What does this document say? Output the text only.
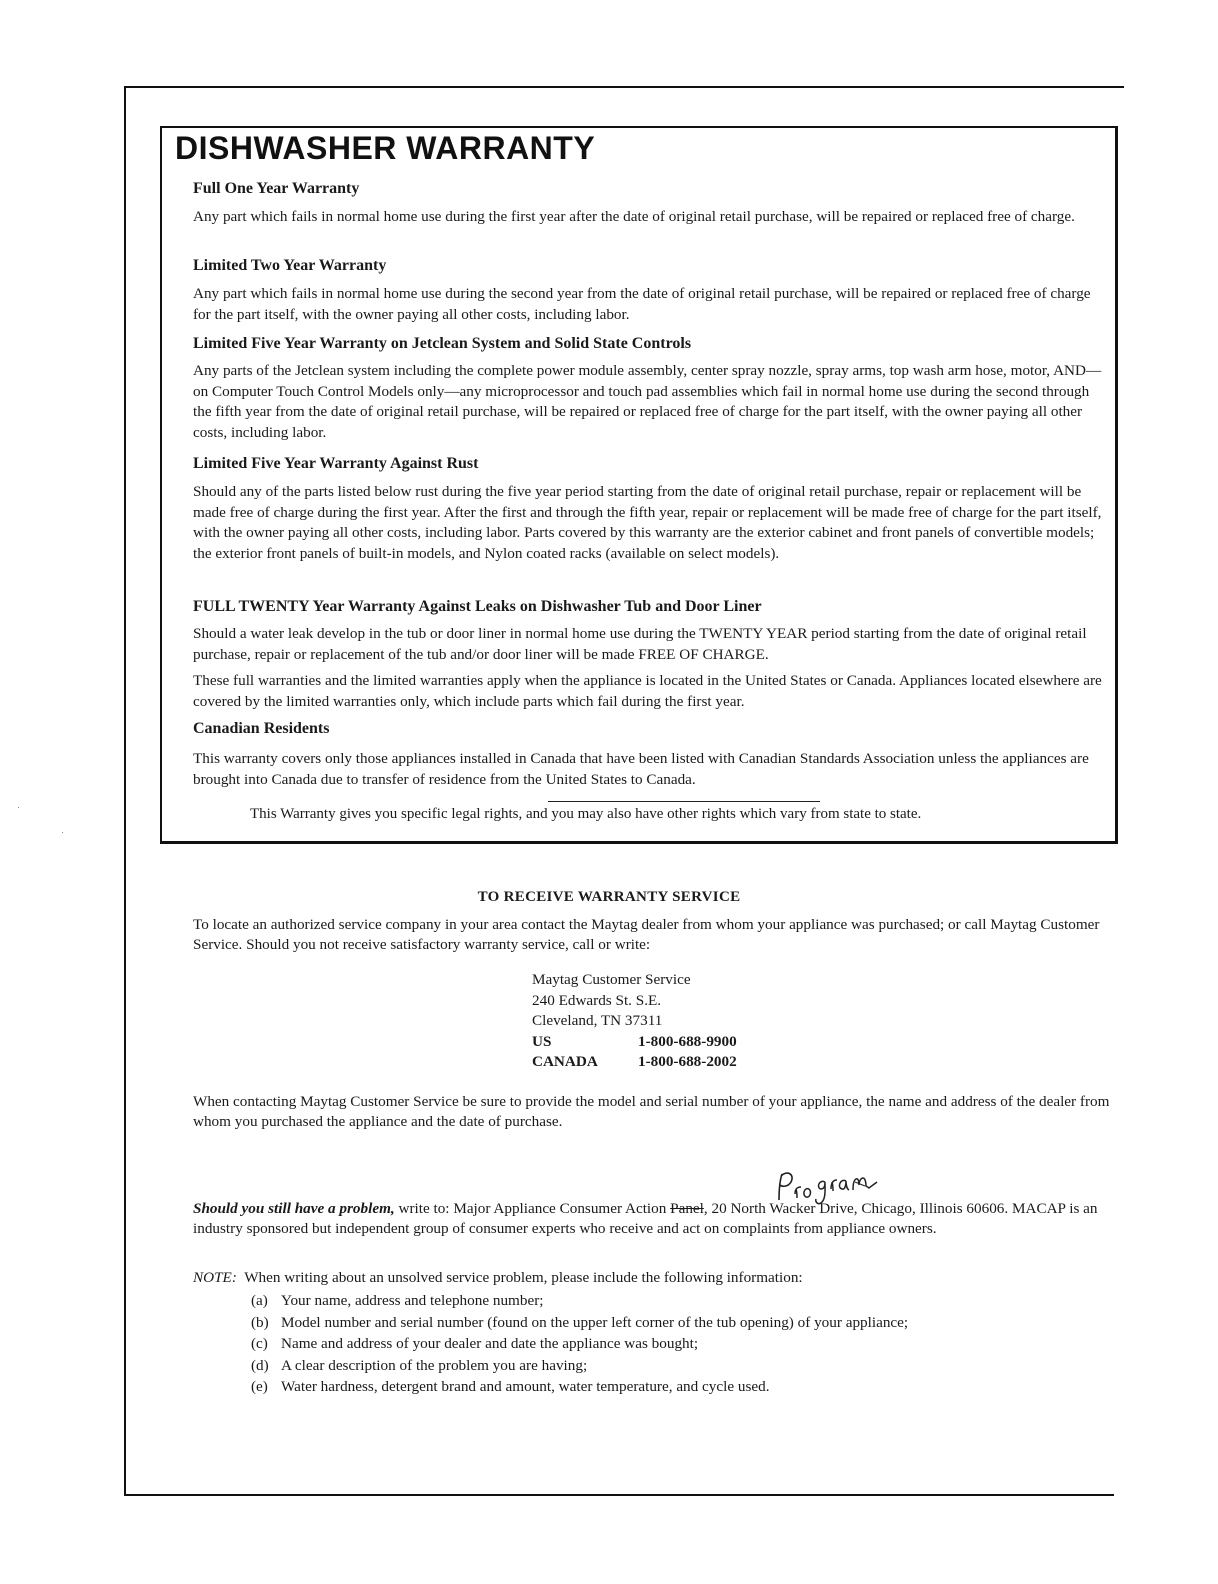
DISHWASHER WARRANTY

Full One Year Warranty

Any part which fails in normal home use during the first year after the date of original retail purchase, will be repaired or replaced free of charge.

Limited Two Year Warranty

Any part which fails in normal home use during the second year from the date of original retail purchase, will be repaired or replaced free of charge for the part itself, with the owner paying all other costs, including labor.

Limited Five Year Warranty on Jetclean System and Solid State Controls

Any parts of the Jetclean system including the complete power module assembly, center spray nozzle, spray arms, top wash arm hose, motor, AND—on Computer Touch Control Models only—any microprocessor and touch pad assemblies which fail in normal home use during the second through the fifth year from the date of original retail purchase, will be repaired or replaced free of charge for the part itself, with the owner paying all other costs, including labor.

Limited Five Year Warranty Against Rust

Should any of the parts listed below rust during the five year period starting from the date of original retail purchase, repair or replacement will be made free of charge during the first year. After the first and through the fifth year, repair or replacement will be made free of charge for the part itself, with the owner paying all other costs, including labor. Parts covered by this warranty are the exterior cabinet and front panels of convertible models; the exterior front panels of built-in models, and Nylon coated racks (available on select models).

FULL TWENTY Year Warranty Against Leaks on Dishwasher Tub and Door Liner

Should a water leak develop in the tub or door liner in normal home use during the TWENTY YEAR period starting from the date of original retail purchase, repair or replacement of the tub and/or door liner will be made FREE OF CHARGE.

These full warranties and the limited warranties apply when the appliance is located in the United States or Canada. Appliances located elsewhere are covered by the limited warranties only, which include parts which fail during the first year.

Canadian Residents

This warranty covers only those appliances installed in Canada that have been listed with Canadian Standards Association unless the appliances are brought into Canada due to transfer of residence from the United States to Canada.

This Warranty gives you specific legal rights, and you may also have other rights which vary from state to state.

TO RECEIVE WARRANTY SERVICE

To locate an authorized service company in your area contact the Maytag dealer from whom your appliance was purchased; or call Maytag Customer Service. Should you not receive satisfactory warranty service, call or write:

Maytag Customer Service
240 Edwards St. S.E.
Cleveland, TN 37311
US	1-800-688-9900
CANADA	1-800-688-2002

When contacting Maytag Customer Service be sure to provide the model and serial number of your appliance, the name and address of the dealer from whom you purchased the appliance and the date of purchase.

Should you still have a problem, write to: Major Appliance Consumer Action Panel, 20 North Wacker Drive, Chicago, Illinois 60606. MACAP is an industry sponsored but independent group of consumer experts who receive and act on complaints from appliance owners.

NOTE: When writing about an unsolved service problem, please include the following information:

(a) Your name, address and telephone number;
(b) Model number and serial number (found on the upper left corner of the tub opening) of your appliance;
(c) Name and address of your dealer and date the appliance was bought;
(d) A clear description of the problem you are having;
(e) Water hardness, detergent brand and amount, water temperature, and cycle used.
